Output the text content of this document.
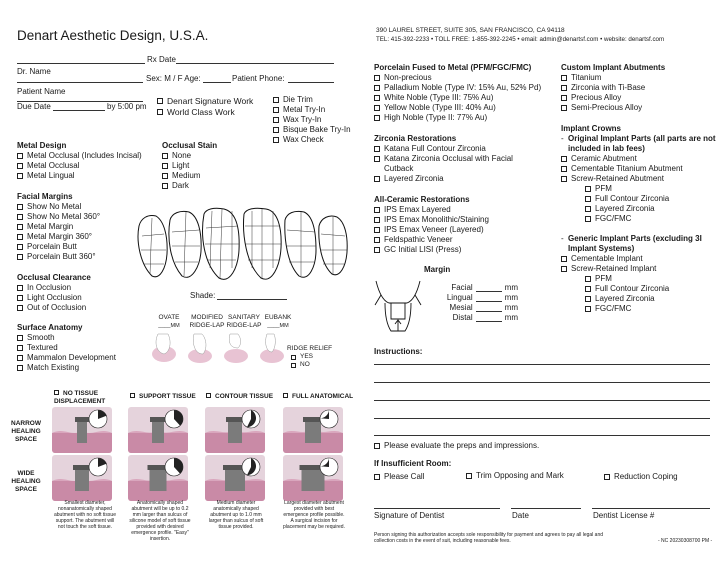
Denart Aesthetic Design, U.S.A.
Rx Date
Dr. Name
Sex: M / F Age:	Patient Phone:
Patient Name
Due Date	by 5:00 pm
Denart Signature Work
World Class Work
Die Trim
Metal Try-In
Wax Try-In
Bisque Bake Try-In
Wax Check
Metal Design
Metal Occlusal (Includes Incisal)
Metal Occlusal
Metal Lingual
Occlusal Stain
None
Light
Medium
Dark
Facial Margins
Show No Metal
Show No Metal 360°
Metal Margin
Metal Margin 360°
Porcelain Butt
Porcelain Butt 360°
Shade:
Occlusal Clearance
In Occlusion
Light Occlusion
Out of Occlusion
Surface Anatomy
Smooth
Textured
Mammalon Development
Match Existing
OVATE
____MM
MODIFIED RIDGE-LAP
SANITARY RIDGE-LAP
EUBANK
____MM
RIDGE RELIEF
YES
NO
NO TISSUE DISPLACEMENT
SUPPORT TISSUE	CONTOUR TISSUE	FULL ANATOMICAL
NARROW HEALING SPACE
WIDE HEALING SPACE
Smallest diameter, nonanatomically shaped abutment with no soft tissue support. The abutment will not touch the soft tissue.
Anatomically shaped abutment will be up to 0.2 mm larger than sulcus of silicone model of soft tissue provided with desired emergence profile. "Easy" insertion.
Medium diameter anatomically shaped abutment up to 1.0 mm larger than sulcus of soft tissue provided.
Largest diameter abutment provided with best emergence profile possible. A surgical incision for placement may be required.
390 LAUREL STREET, SUITE 305, SAN FRANCISCO, CA 94118
TEL: 415-392-2233 • TOLL FREE: 1-855-392-2245 • email: admin@denartsf.com • website: denartsf.com
Porcelain Fused to Metal (PFM/FGC/FMC)
Non-precious
Palladium Noble (Type IV: 15% Au, 52% Pd)
White Noble (Type III: 75% Au)
Yellow Noble (Type III: 40% Au)
High Noble (Type II: 77% Au)
Zirconia Restorations
Katana Full Contour Zirconia
Katana Zirconia Occlusal with Facial Cutback
Layered Zirconia
All-Ceramic Restorations
IPS Emax Layered
IPS Emax Monolithic/Staining
IPS Emax Veneer (Layered)
Feldspathic Veneer
GC Initial LISI (Press)
Margin
Facial	mm
Lingual	mm
Mesial	mm
Distal	mm
Custom Implant Abutments
Titanium
Zirconia with Ti-Base
Precious Alloy
Semi-Precious Alloy
Implant Crowns
- Original Implant Parts (all parts are not included in lab fees)
Ceramic Abutment
Cementable Titanium Abutment
Screw-Retained Abutment
PFM
Full Contour Zirconia
Layered Zirconia
FGC/FMC
- Generic Implant Parts (excluding 3I Implant Systems)
Cementable Implant
Screw-Retained Implant
PFM
Full Contour Zirconia
Layered Zirconia
FGC/FMC
Instructions:
Please evaluate the preps and impressions.
If Insufficient Room:
Please Call	Trim Opposing and Mark	Reduction Coping
Signature of Dentist	Date	Dentist License #
Person signing this authorization accepts sole responsibility for payment and agrees to pay all legal and collection costs in the event of suit, including reasonable fees.	- NC 20230308700 PM -
